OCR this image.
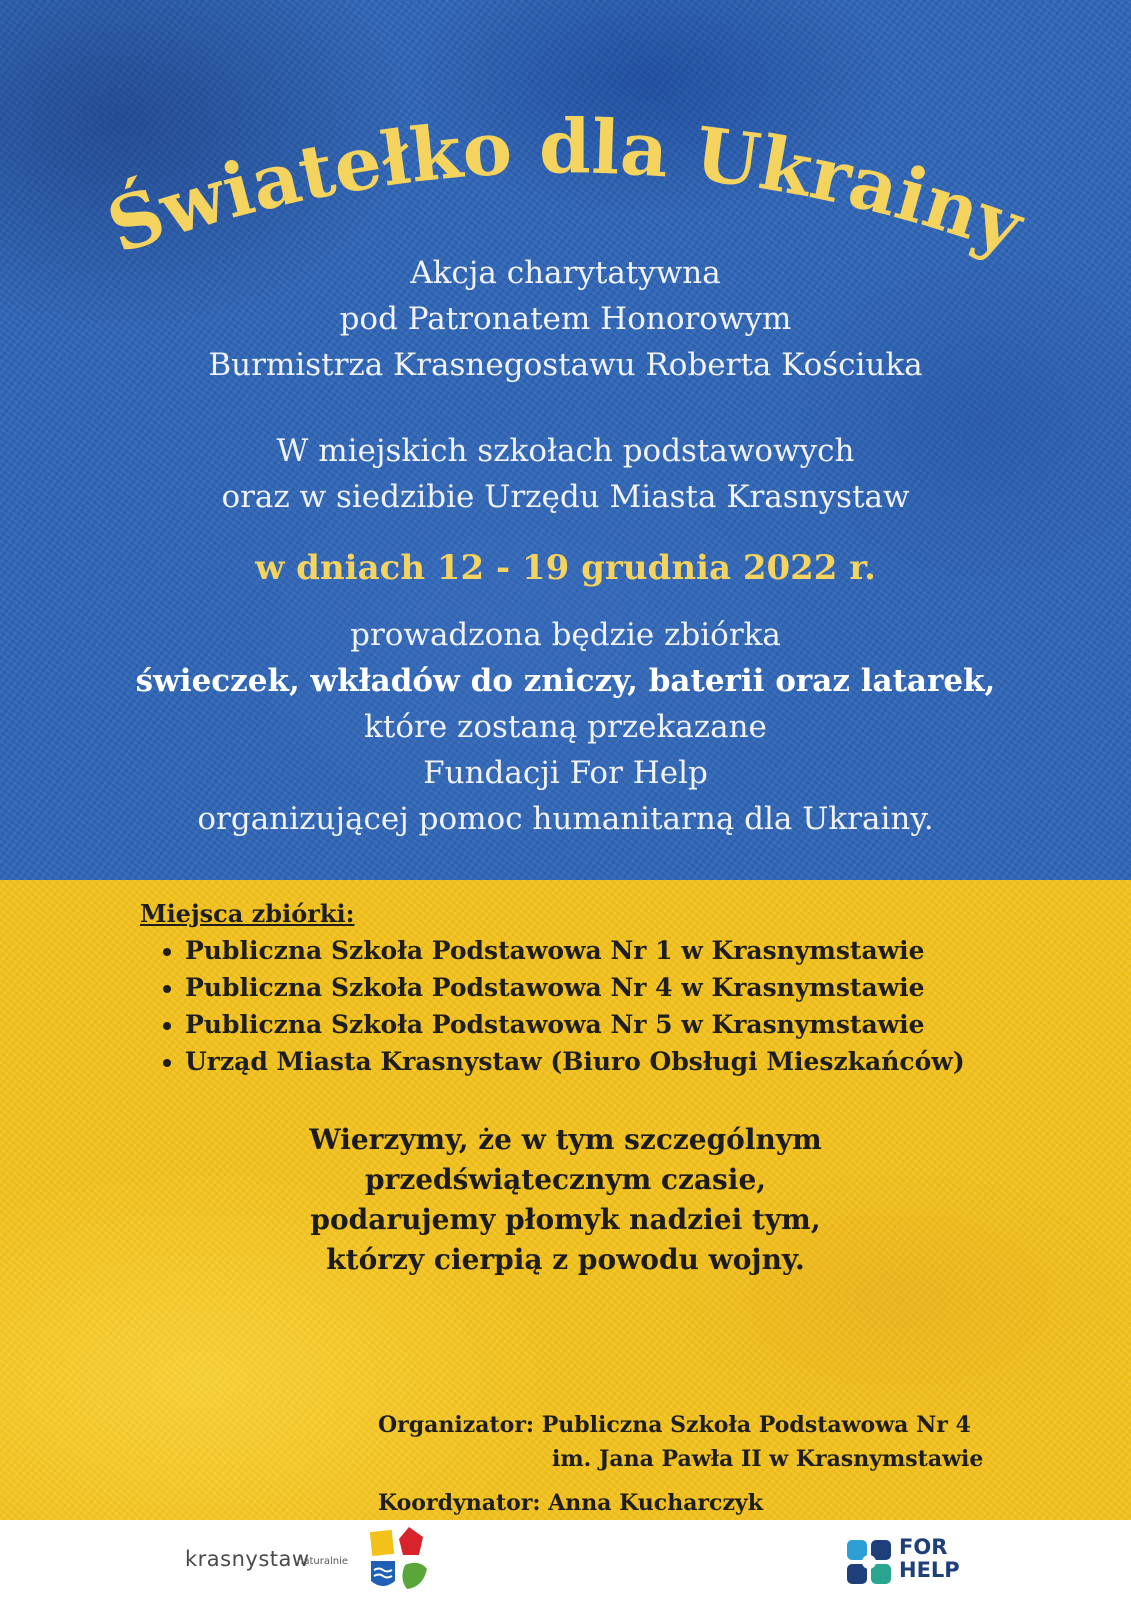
Światełko dla Ukrainy
Akcja charytatywna
pod Patronatem Honorowym
Burmistrza Krasnegostawu Roberta Kościuka
W miejskich szkołach podstawowych
oraz w siedzibie Urzędu Miasta Krasnystaw
w dniach 12 - 19 grudnia 2022 r.
prowadzona będzie zbiórka
świeczek, wkładów do zniczy, baterii oraz latarek,
które zostaną przekazane
Fundacji For Help
organizującej pomoc humanitarną dla Ukrainy.
Miejsca zbiórki:
• Publiczna Szkoła Podstawowa Nr 1 w Krasnymstawie
• Publiczna Szkoła Podstawowa Nr 4 w Krasnymstawie
• Publiczna Szkoła Podstawowa Nr 5 w Krasnymstawie
• Urząd Miasta Krasnystaw (Biuro Obsługi Mieszkańców)
Wierzymy, że w tym szczególnym
przedświątecznym czasie,
podarujemy płomyk nadziei tym,
którzy cierpią z powodu wojny.
Organizator: Publiczna Szkoła Podstawowa Nr 4
im. Jana Pawła II w Krasnymstawie
Koordynator: Anna Kucharczyk
krasnystaw
naturalnie
FOR
HELP
